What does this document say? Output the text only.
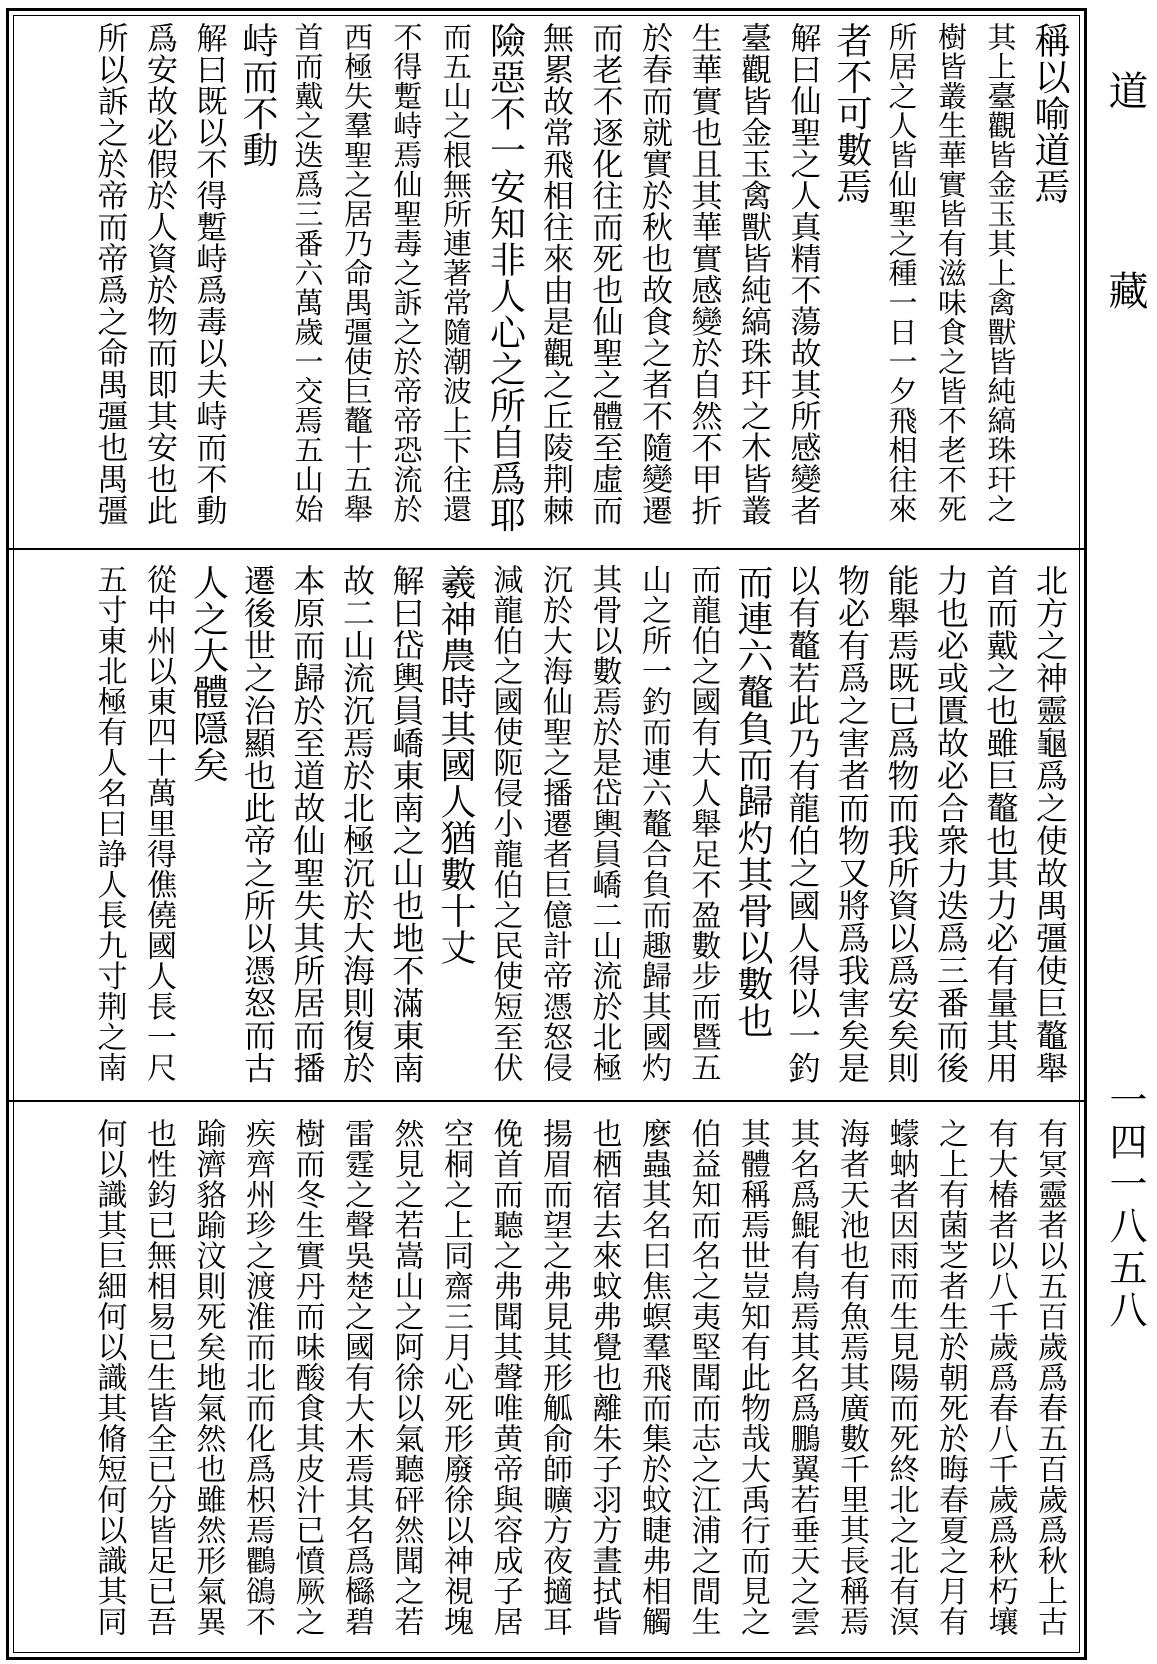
稱以喻道焉
其上臺觀皆金玉其上禽獸皆純縞珠玕之
樹皆叢生華實皆有滋味食之皆不老不死
所居之人皆仙聖之種一日一夕飛相往來
者不可數焉
解曰仙聖之人真精不蕩故其所感變者
臺觀皆金玉禽獸皆純縞珠玕之木皆叢
生華實也且其華實感變於自然不甲折
於春而就實於秋也故食之者不隨變遷
而老不逐化往而死也仙聖之體至虛而
無累故常飛相往來由是觀之丘陵荆棘
險惡不一安知非人心之所自爲耶
而五山之根無所連著常隨潮波上下往還
不得蹔峙焉仙聖毒之訴之於帝帝恐流於
西極失羣聖之居乃命禺彊使巨鼇十五舉
首而戴之迭爲三番六萬歲一交焉五山始
峙而不動
解曰既以不得蹔峙爲毒以夫峙而不動
爲安故必假於人資於物而即其安也此
所以訴之於帝而帝爲之命禺彊也禺彊
北方之神靈龜爲之使故禺彊使巨鼇舉
首而戴之也雖巨鼇也其力必有量其用
力也必或匱故必合衆力迭爲三番而後
能舉焉既已爲物而我所資以爲安矣則
物必有爲之害者而物又將爲我害矣是
以有鼇若此乃有龍伯之國人得以一釣
而連六鼇負而歸灼其骨以數也
而龍伯之國有大人舉足不盈數步而暨五
山之所一釣而連六鼇合負而趣歸其國灼
其骨以數焉於是岱輿員嶠二山流於北極
沉於大海仙聖之播遷者巨億計帝憑怒侵
減龍伯之國使阨侵小龍伯之民使短至伏
羲神農時其國人猶數十丈
解曰岱輿員嶠東南之山也地不滿東南
故二山流沉焉於北極沉於大海則復於
本原而歸於至道故仙聖失其所居而播
遷後世之治顯也此帝之所以憑怒而古
人之大體隱矣
從中州以東四十萬里得僬僥國人長一尺
五寸東北極有人名曰諍人長九寸荆之南
有冥靈者以五百歲爲春五百歲爲秋上古
有大椿者以八千歲爲春八千歲爲秋朽壤
之上有菌芝者生於朝死於晦春夏之月有
蠓蚋者因雨而生見陽而死終北之北有溟
海者天池也有魚焉其廣數千里其長稱焉
其名爲鯤有鳥焉其名爲鵬翼若垂天之雲
其體稱焉世豈知有此物哉大禹行而見之
伯益知而名之夷堅聞而志之江浦之間生
麼蟲其名曰焦螟羣飛而集於蚊睫弗相觸
也栖宿去來蚊弗覺也離朱子羽方晝拭眥
揚眉而望之弗見其形觚俞師曠方夜擿耳
俛首而聽之弗聞其聲唯黄帝與容成子居
空桐之上同齋三月心死形廢徐以神視塊
然見之若嵩山之阿徐以氣聽砰然聞之若
雷霆之聲吳楚之國有大木焉其名爲櫾碧
樹而冬生實丹而味酸食其皮汁已憤厥之
疾齊州珍之渡淮而北而化爲枳焉鸜鵒不
踰濟貉踰汶則死矣地氣然也雖然形氣異
也性鈞已無相易已生皆全已分皆足已吾
何以識其巨細何以識其脩短何以識其同
道
藏
一四一八五八
